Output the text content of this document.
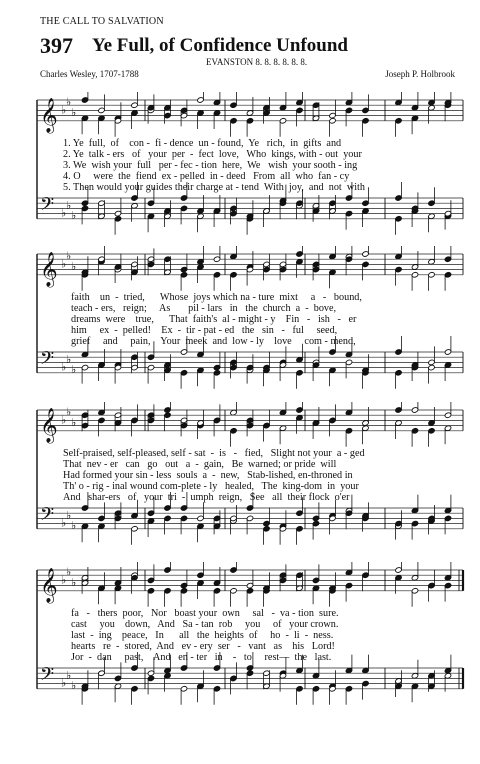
THE CALL TO SALVATION
397 Ye Full, of Confidence Unfound
EVANSTON 8. 8. 8. 8. 8. 8.
Charles Wesley, 1707-1788	Joseph P. Holbrook
𝄞 ♭
♭
♭
𝄢 ♭
♭
♭
1. Ye  full,  of    con -  fi - dence  un - found,  Ye   rich,  in  gifts  and
2. Ye  talk - ers   of   your  per  -  fect  love,   Who  kings, with - out  your
3. We  wish your  full   per - fec - tion  here,  We   wish  your sooth - ing
4. O     were  the  fiend  ex - pelled  in - deed   From  all  who  fan - cy
5. Then would your guides their charge at - tend  With  joy,  and  not  with
𝄞 ♭
♭
♭
𝄢 ♭
♭
♭
faith    un  -  tried,      Whose  joys which na - ture  mixt     a   -   bound,
teach - ers,   reign;     As       pil - lars   in   the  church  a  -  bove,
dreams  were    true,      That  faith's  al - might - y    Fin   -   ish   -   er
him     ex  -  pelled!    Ex  -  tir - pat - ed   the   sin   -   ful     seed,
grief     and     pain,    Your  meek  and  low - ly    love     com - mend,
𝄞 ♭
♭
♭
𝄢 ♭
♭
♭
Self-praised, self-pleased, self - sat  -  is   -   fied,   Slight not your  a - ged
That  nev - er   can   go   out   a  -  gain,   Be  warned; or pride  will
Had formed your sin - less  souls  a  -  new,   Stab-lished, en-throned in
Th' o - rig - inal wound com-plete - ly   healed,   The  king-dom  in  your
And   shar-ers   of   your  tri  -  umph  reign,   See   all  their flock  o'er
𝄞 ♭
♭
♭
𝄢 ♭
♭
♭
fa   -   thers  poor,   Nor   boast your  own     sal   -  va - tion  sure.
cast     you    down,   And   Sa - tan  rob     you     of   your crown.
last  -  ing    peace,   In      all   the  heights  of     ho  -  li  -  ness.
hearts   re  -  stored,  And   ev - ery  ser   -   vant   as    his   Lord!
Jor  -  dan     past,    And   en - ter   in    -   to     rest—  the   last.
